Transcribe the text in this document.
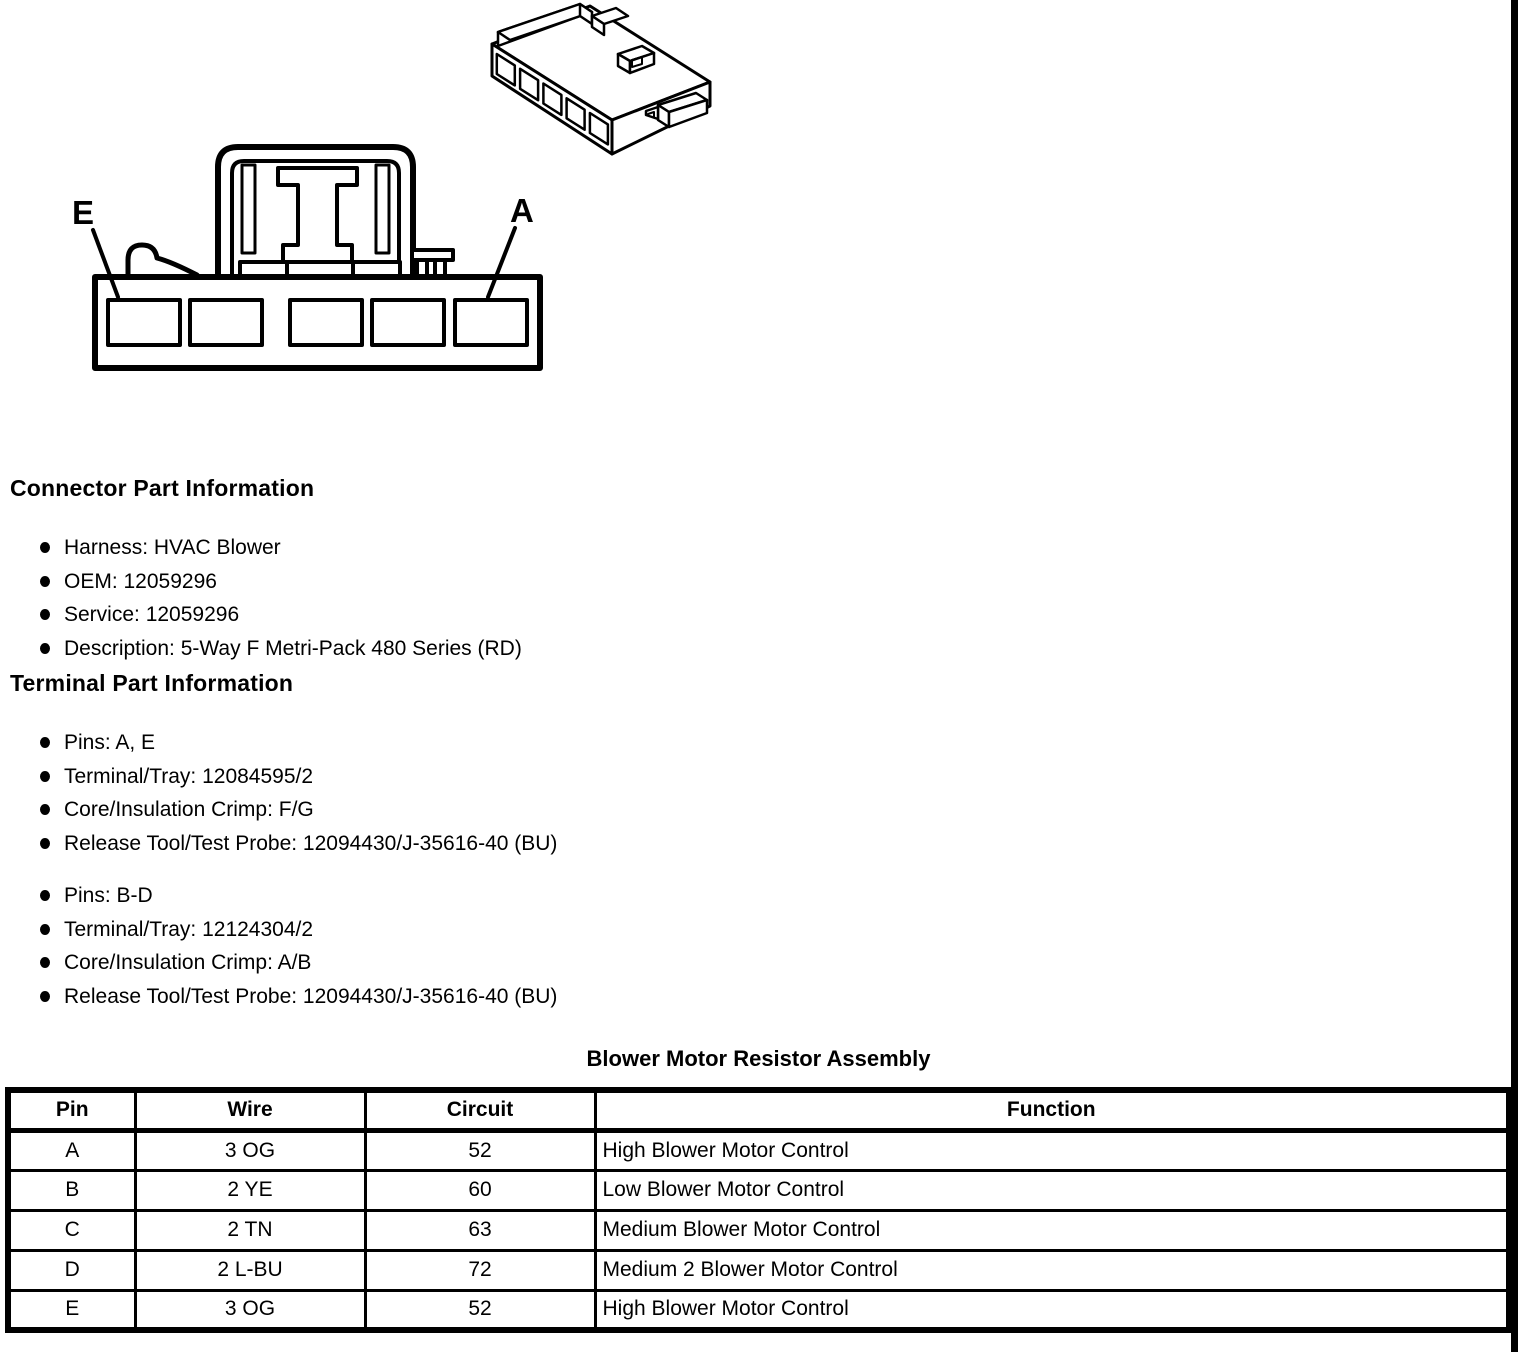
E	A
Connector Part Information
Harness: HVAC Blower
OEM: 12059296
Service: 12059296
Description: 5-Way F Metri-Pack 480 Series (RD)
Terminal Part Information
Pins: A, E
Terminal/Tray: 12084595/2
Core/Insulation Crimp: F/G
Release Tool/Test Probe: 12094430/J-35616-40 (BU)
Pins: B-D
Terminal/Tray: 12124304/2
Core/Insulation Crimp: A/B
Release Tool/Test Probe: 12094430/J-35616-40 (BU)
Blower Motor Resistor Assembly
Pin	Wire	Circuit	Function
A	3 OG	52	High Blower Motor Control
B	2 YE	60	Low Blower Motor Control
C	2 TN	63	Medium Blower Motor Control
D	2 L-BU	72	Medium 2 Blower Motor Control
E	3 OG	52	High Blower Motor Control
